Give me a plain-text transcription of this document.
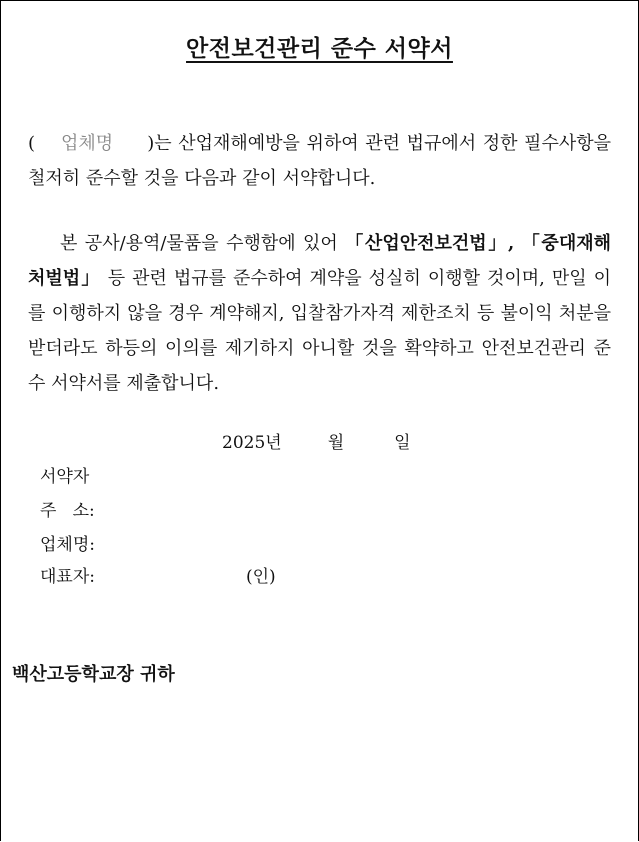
안전보건관리 준수 서약서
( 업체명 )는 산업재해예방을 위하여 관련 법규에서 정한 필수사항을 철저히 준수할 것을 다음과 같이 서약합니다.
본 공사/용역/물품을 수행함에 있어 「산업안전보건법」, 「중대재해처벌법」 등 관련 법규를 준수하여 계약을 성실히 이행할 것이며, 만일 이를 이행하지 않을 경우 계약해지, 입찰참가자격 제한조치 등 불이익 처분을 받더라도 하등의 이의를 제기하지 아니할 것을 확약하고 안전보건관리 준수 서약서를 제출합니다.
2025년	월	일
서약자
주   소:
업체명:
대표자:	(인)
백산고등학교장 귀하
